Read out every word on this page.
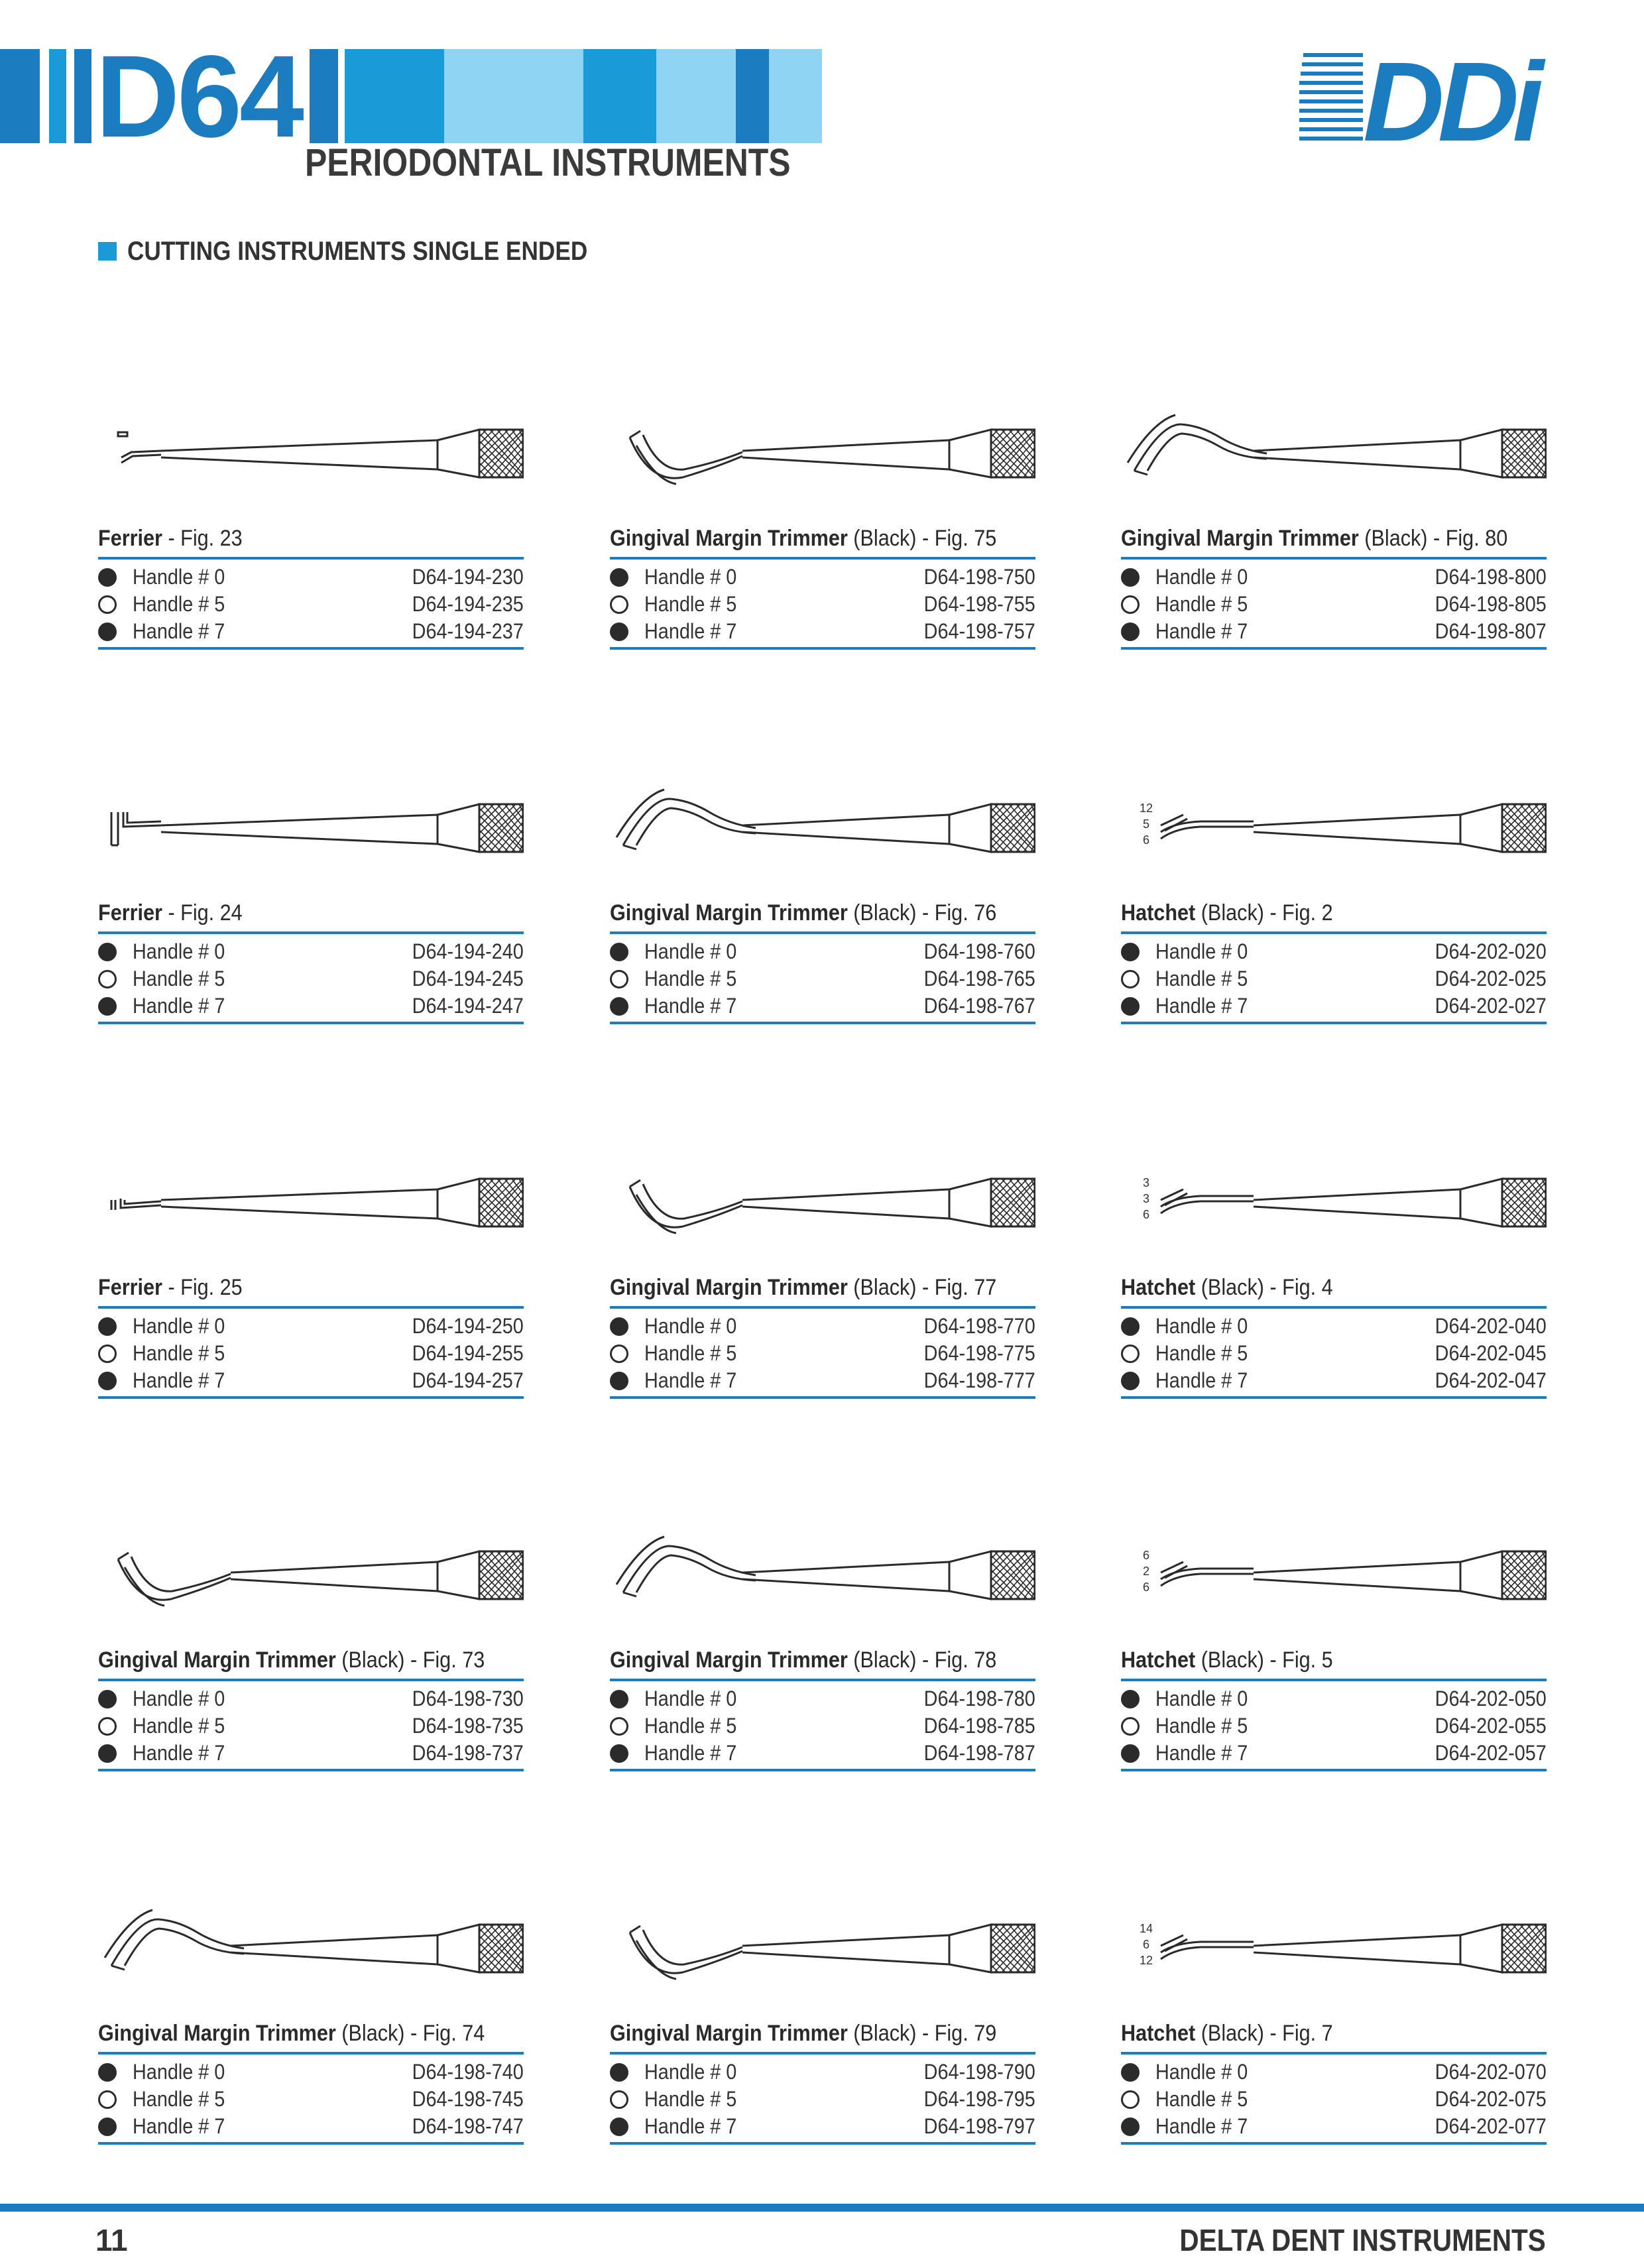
D64
PERIODONTAL INSTRUMENTS	DDi
CUTTING INSTRUMENTS SINGLE ENDED
Ferrier - Fig. 23
Handle # 0	D64-194-230
Handle # 5	D64-194-235
Handle # 7	D64-194-237
Gingival Margin Trimmer (Black) - Fig. 75
Handle # 0	D64-198-750
Handle # 5	D64-198-755
Handle # 7	D64-198-757
Gingival Margin Trimmer (Black) - Fig. 80
Handle # 0	D64-198-800
Handle # 5	D64-198-805
Handle # 7	D64-198-807
Ferrier - Fig. 24
Handle # 0	D64-194-240
Handle # 5	D64-194-245
Handle # 7	D64-194-247
Gingival Margin Trimmer (Black) - Fig. 76
Handle # 0	D64-198-760
Handle # 5	D64-198-765
Handle # 7	D64-198-767
12
5
6
Hatchet (Black) - Fig. 2
Handle # 0	D64-202-020
Handle # 5	D64-202-025
Handle # 7	D64-202-027
Ferrier - Fig. 25
Handle # 0	D64-194-250
Handle # 5	D64-194-255
Handle # 7	D64-194-257
Gingival Margin Trimmer (Black) - Fig. 77
Handle # 0	D64-198-770
Handle # 5	D64-198-775
Handle # 7	D64-198-777
3
3
6
Hatchet (Black) - Fig. 4
Handle # 0	D64-202-040
Handle # 5	D64-202-045
Handle # 7	D64-202-047
Gingival Margin Trimmer (Black) - Fig. 73
Handle # 0	D64-198-730
Handle # 5	D64-198-735
Handle # 7	D64-198-737
Gingival Margin Trimmer (Black) - Fig. 78
Handle # 0	D64-198-780
Handle # 5	D64-198-785
Handle # 7	D64-198-787
6
2
6
Hatchet (Black) - Fig. 5
Handle # 0	D64-202-050
Handle # 5	D64-202-055
Handle # 7	D64-202-057
Gingival Margin Trimmer (Black) - Fig. 74
Handle # 0	D64-198-740
Handle # 5	D64-198-745
Handle # 7	D64-198-747
Gingival Margin Trimmer (Black) - Fig. 79
Handle # 0	D64-198-790
Handle # 5	D64-198-795
Handle # 7	D64-198-797
14
6
12
Hatchet (Black) - Fig. 7
Handle # 0	D64-202-070
Handle # 5	D64-202-075
Handle # 7	D64-202-077
11	DELTA DENT INSTRUMENTS
